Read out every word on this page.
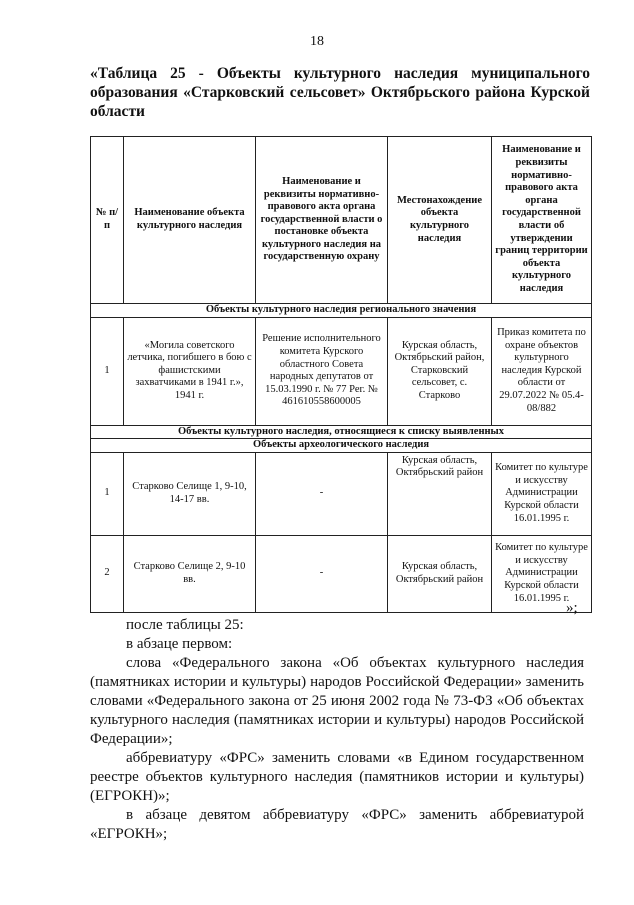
18
«Таблица 25 - Объекты культурного наследия муниципального образования «Старковский сельсовет» Октябрьского района Курской области
№ п/п	Наименование объекта культурного наследия	Наименование и реквизиты нормативно-правового акта органа государственной власти о постановке объекта культурного наследия на государственную охрану	Местонахождение объекта культурного наследия	Наименование и реквизиты нормативно-правового акта органа государственной власти об утверждении границ территории объекта культурного наследия
Объекты культурного наследия регионального значения				
1	«Могила советского летчика, погибшего в бою с фашистскими захватчиками в 1941 г.», 1941 г.	Решение исполнительного комитета Курского областного Совета народных депутатов от 15.03.1990 г. № 77 Рег. № 461610558600005	Курская область, Октябрьский район, Старковский сельсовет, с. Старково	Приказ комитета по охране объектов культурного наследия Курской области от 29.07.2022 № 05.4-08/882
Объекты культурного наследия, относящиеся к списку выявленных				
Объекты археологического наследия				
1	Старково Селище 1, 9-10, 14-17 вв.	-	Курская область, Октябрьский район	Комитет по культуре и искусству Администрации Курской области 16.01.1995 г.
2	Старково Селище 2, 9-10 вв.	-	Курская область, Октябрьский район	Комитет по культуре и искусству Администрации Курской области 16.01.1995 г.
»;

после таблицы 25:

в абзаце первом:

слова «Федерального закона «Об объектах культурного наследия (памятниках истории и культуры) народов Российской Федерации» заменить словами «Федерального закона от 25 июня 2002 года № 73-ФЗ «Об объектах культурного наследия (памятниках истории и культуры) народов Российской Федерации»;

аббревиатуру «ФРС» заменить словами «в Едином государственном реестре объектов культурного наследия (памятников истории и культуры) (ЕГРОКН)»;

в абзаце девятом аббревиатуру «ФРС» заменить аббревиатурой «ЕГРОКН»;
